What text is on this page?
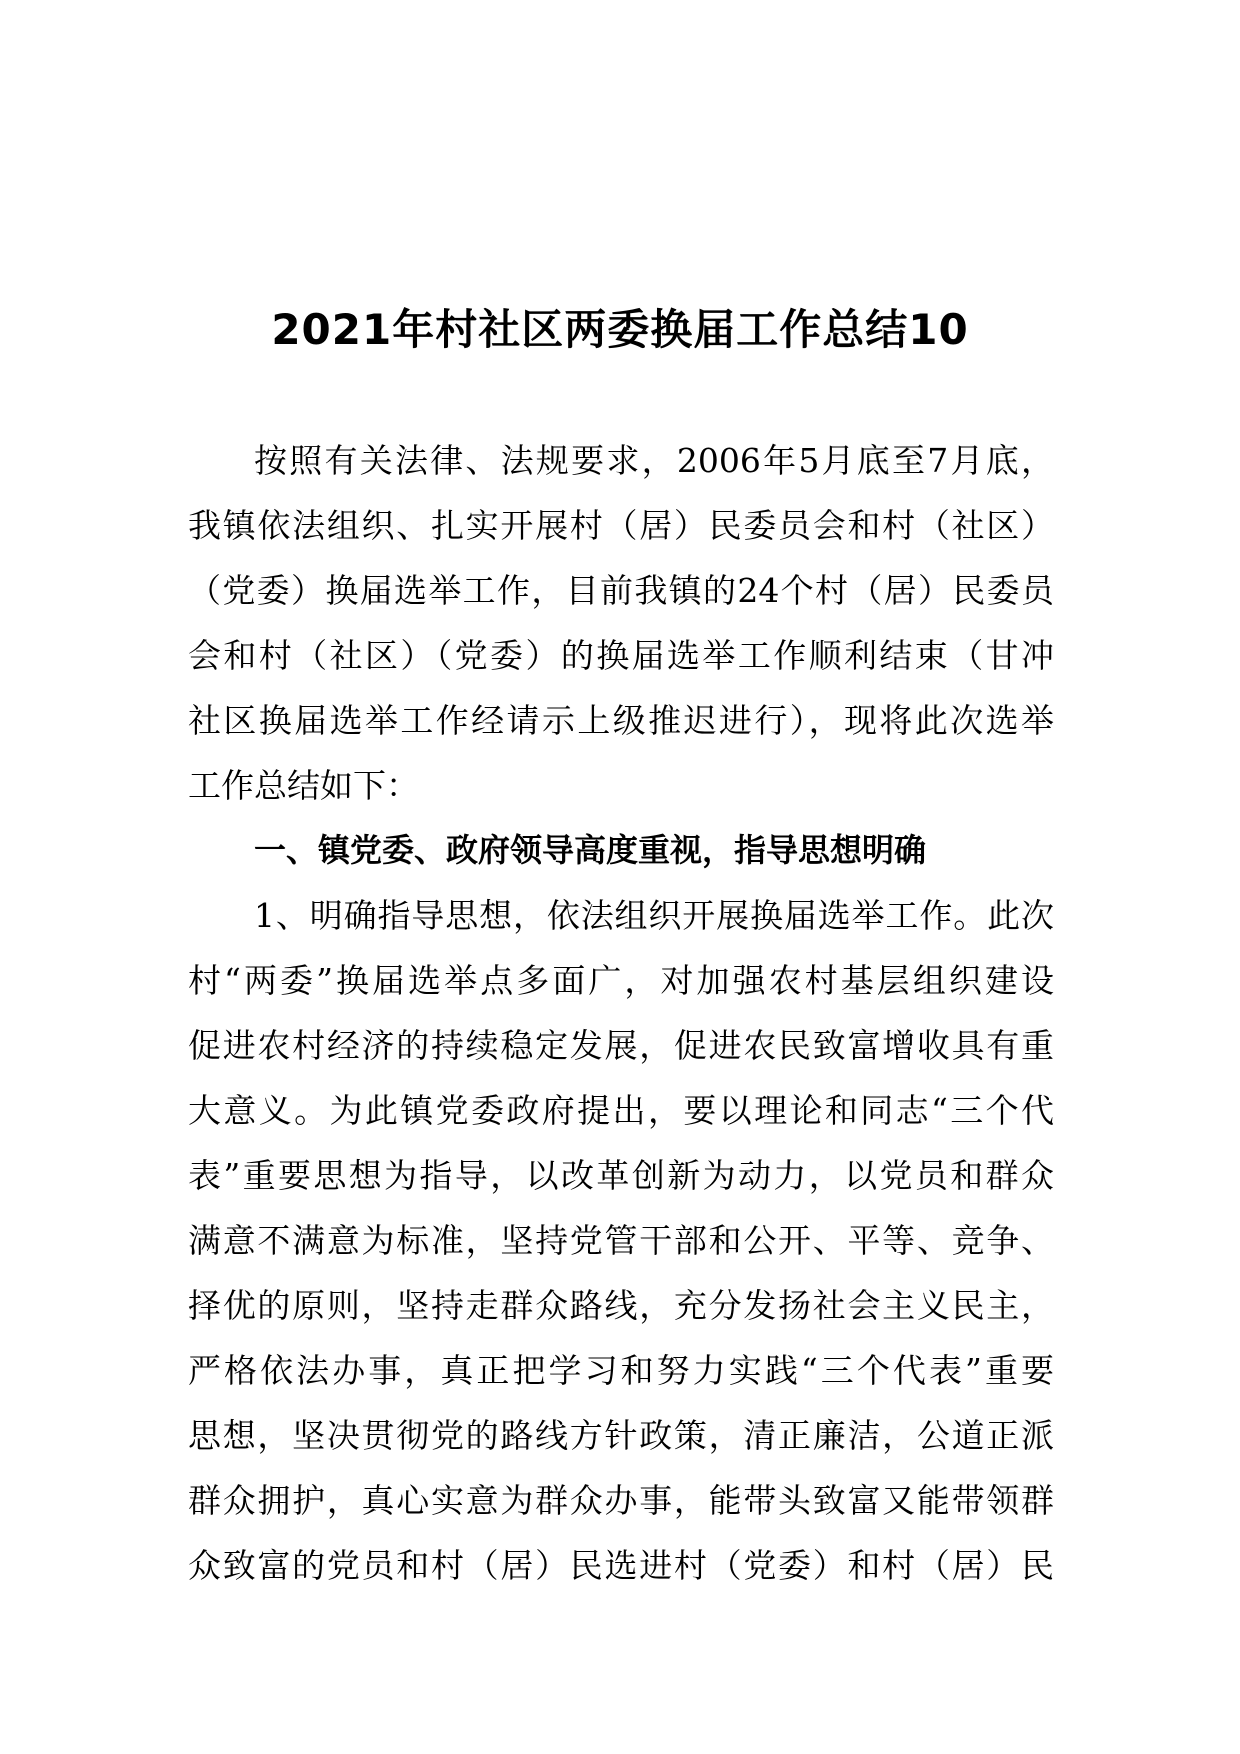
2021年村社区两委换届工作总结10
按照有关法律、法规要求，2006年5月底至7月底，
我镇依法组织、扎实开展村（居）民委员会和村（社区）
（党委）换届选举工作，目前我镇的24个村（居）民委员
会和村（社区）（党委）的换届选举工作顺利结束（甘冲
社区换届选举工作经请示上级推迟进行），现将此次选举
工作总结如下：
一、镇党委、政府领导高度重视，指导思想明确
1、明确指导思想，依法组织开展换届选举工作。此次
村“两委”换届选举点多面广，对加强农村基层组织建设
促进农村经济的持续稳定发展，促进农民致富增收具有重
大意义。为此镇党委政府提出，要以理论和同志“三个代
表”重要思想为指导，以改革创新为动力，以党员和群众
满意不满意为标准，坚持党管干部和公开、平等、竞争、
择优的原则，坚持走群众路线，充分发扬社会主义民主，
严格依法办事，真正把学习和努力实践“三个代表”重要
思想，坚决贯彻党的路线方针政策，清正廉洁，公道正派
群众拥护，真心实意为群众办事，能带头致富又能带领群
众致富的党员和村（居）民选进村（党委）和村（居）民
